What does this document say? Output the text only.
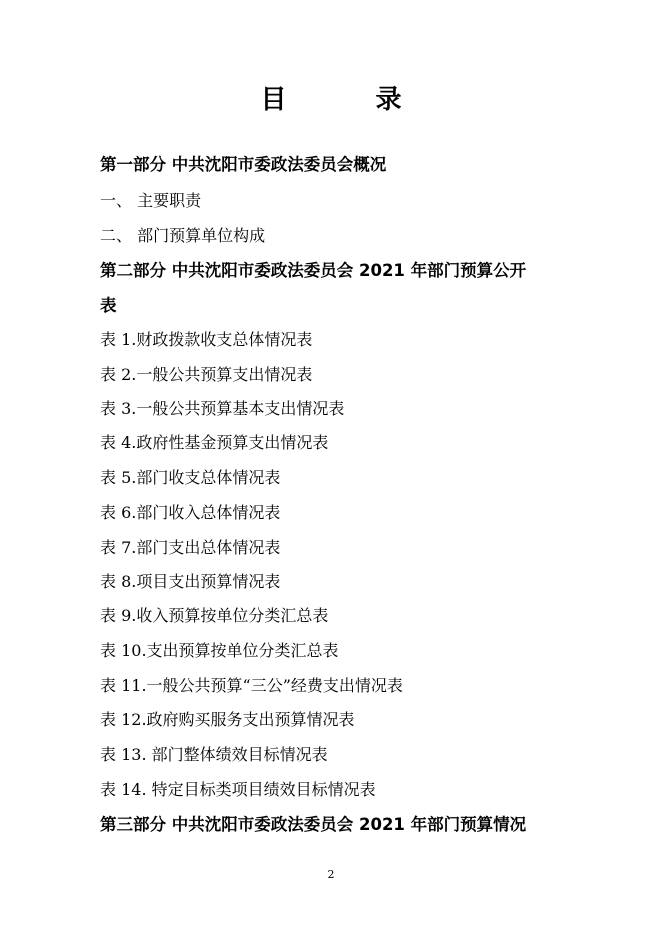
目 录
第一部分 中共沈阳市委政法委员会概况
一、 主要职责
二、 部门预算单位构成
第二部分 中共沈阳市委政法委员会 2021 年部门预算公开
表
表 1.财政拨款收支总体情况表
表 2.一般公共预算支出情况表
表 3.一般公共预算基本支出情况表
表 4.政府性基金预算支出情况表
表 5.部门收支总体情况表
表 6.部门收入总体情况表
表 7.部门支出总体情况表
表 8.项目支出预算情况表
表 9.收入预算按单位分类汇总表
表 10.支出预算按单位分类汇总表
表 11.一般公共预算“三公”经费支出情况表
表 12.政府购买服务支出预算情况表
表 13. 部门整体绩效目标情况表
表 14. 特定目标类项目绩效目标情况表
第三部分 中共沈阳市委政法委员会 2021 年部门预算情况
2
